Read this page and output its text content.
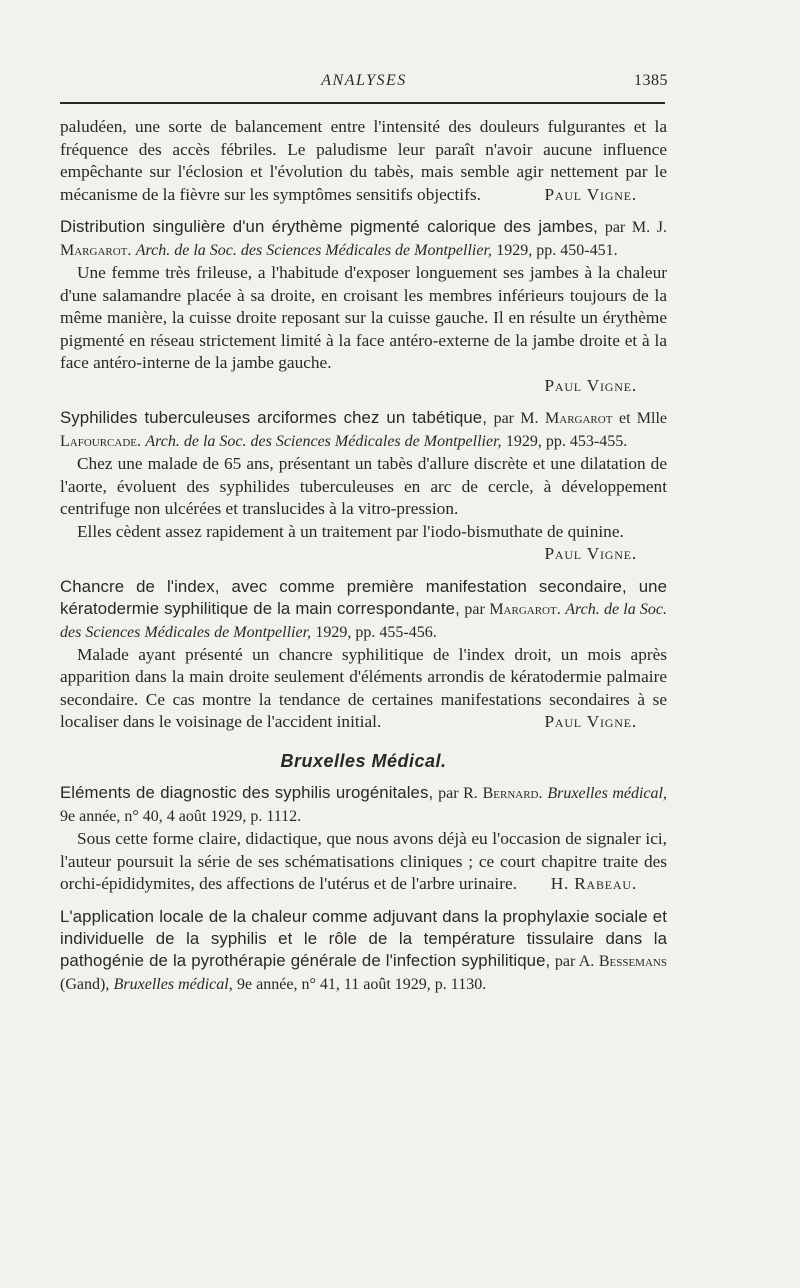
ANALYSES	1385

paludéen, une sorte de balancement entre l'intensité des douleurs fulgurantes et la fréquence des accès fébriles. Le paludisme leur paraît n'avoir aucune influence empêchante sur l'éclosion et l'évolution du tabès, mais semble agir nettement par le mécanisme de la fièvre sur les symptômes sensitifs objectifs.	Paul Vigne.

Distribution singulière d'un érythème pigmenté calorique des jambes, par M. J. Margarot. Arch. de la Soc. des Sciences Médicales de Montpellier, 1929, pp. 450-451.

Une femme très frileuse, a l'habitude d'exposer longuement ses jambes à la chaleur d'une salamandre placée à sa droite, en croisant les membres inférieurs toujours de la même manière, la cuisse droite reposant sur la cuisse gauche. Il en résulte un érythème pigmenté en réseau strictement limité à la face antéro-externe de la jambe droite et à la face antéro-interne de la jambe gauche.

Paul Vigne.
Syphilides tuberculeuses arciformes chez un tabétique, par M. Margarot et Mlle Lafourcade. Arch. de la Soc. des Sciences Médicales de Montpellier, 1929, pp. 453-455.

Chez une malade de 65 ans, présentant un tabès d'allure discrète et une dilatation de l'aorte, évoluent des syphilides tuberculeuses en arc de cercle, à développement centrifuge non ulcérées et translucides à la vitro-pression.

Elles cèdent assez rapidement à un traitement par l'iodo-bismuthate de quinine.
Paul Vigne.

Chancre de l'index, avec comme première manifestation secondaire, une kératodermie syphilitique de la main correspondante, par Margarot. Arch. de la Soc. des Sciences Médicales de Montpellier, 1929, pp. 455-456.

Malade ayant présenté un chancre syphilitique de l'index droit, un mois après apparition dans la main droite seulement d'éléments arrondis de kératodermie palmaire secondaire. Ce cas montre la tendance de certaines manifestations secondaires à se localiser dans le voisinage de l'accident initial.	Paul Vigne.

Bruxelles Médical.
Eléments de diagnostic des syphilis urogénitales, par R. Bernard. Bruxelles médical, 9e année, n° 40, 4 août 1929, p. 1112.

Sous cette forme claire, didactique, que nous avons déjà eu l'occasion de signaler ici, l'auteur poursuit la série de ses schématisations cliniques ; ce court chapitre traite des orchi-épididymites, des affections de l'utérus et de l'arbre urinaire.	H. Rabeau.

L'application locale de la chaleur comme adjuvant dans la prophylaxie sociale et individuelle de la syphilis et le rôle de la température tissulaire dans la pathogénie de la pyrothérapie générale de l'infection syphilitique, par A. Bessemans (Gand), Bruxelles médical, 9e année, n° 41, 11 août 1929, p. 1130.
